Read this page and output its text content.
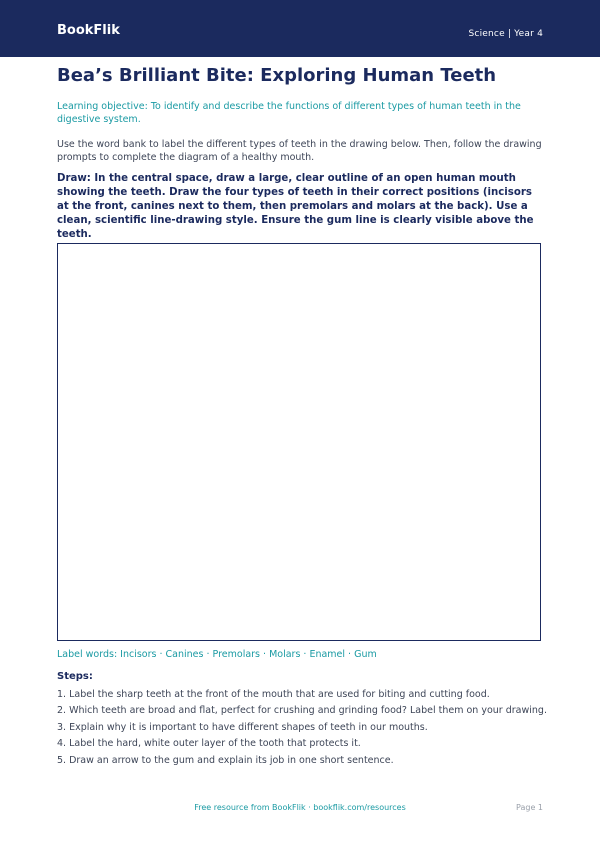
BookFlik	Science | Year 4
Bea’s Brilliant Bite: Exploring Human Teeth

Learning objective: To identify and describe the functions of different types of human teeth in the digestive system.

Use the word bank to label the different types of teeth in the drawing below. Then, follow the drawing prompts to complete the diagram of a healthy mouth.

Draw: In the central space, draw a large, clear outline of an open human mouth showing the teeth. Draw the four types of teeth in their correct positions (incisors at the front, canines next to them, then premolars and molars at the back). Use a clean, scientific line-drawing style. Ensure the gum line is clearly visible above the teeth.

Label words: Incisors · Canines · Premolars · Molars · Enamel · Gum

Steps:
1. Label the sharp teeth at the front of the mouth that are used for biting and cutting food.
2. Which teeth are broad and flat, perfect for crushing and grinding food? Label them on your drawing.
3. Explain why it is important to have different shapes of teeth in our mouths.
4. Label the hard, white outer layer of the tooth that protects it.
5. Draw an arrow to the gum and explain its job in one short sentence.
Free resource from BookFlik · bookflik.com/resources	Page 1
